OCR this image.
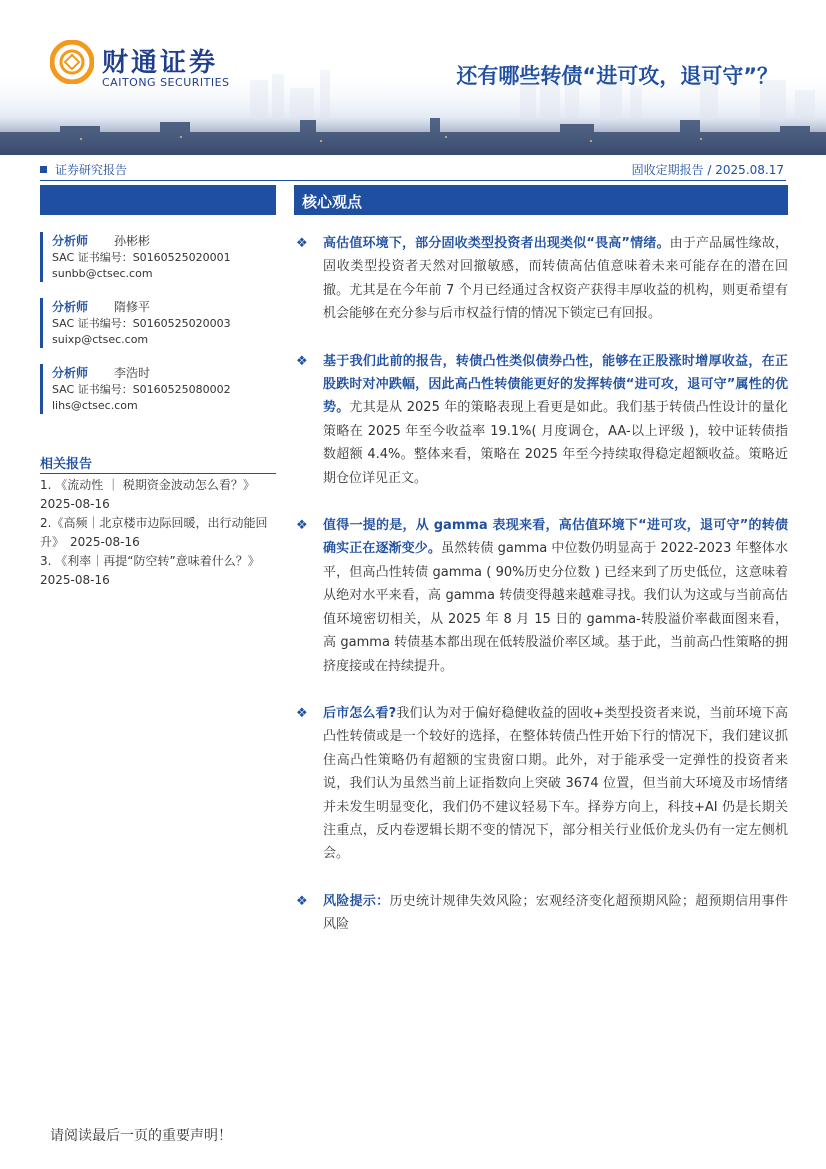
财通证券
CAITONG SECURITIES	还有哪些转债“进可攻，退可守”？
证券研究报告	固收定期报告 / 2025.08.17
核心观点
分析师 孙彬彬
SAC 证书编号：S0160525020001
sunbb@ctsec.com
分析师 隋修平
SAC 证书编号：S0160525020003
suixp@ctsec.com
分析师 李浩时
SAC 证书编号：S0160525080002
lihs@ctsec.com
相关报告
1. 《流动性 ｜ 税期资金波动怎么看？》
2025-08-16
2.《高频｜北京楼市边际回暖，出行动能回
升》　2025-08-16
3. 《利率｜再提“防空转”意味着什么？》
2025-08-16
❖ 高估值环境下，部分固收类型投资者出现类似“畏高”情绪。由于产品属性缘故，固收类型投资者天然对回撤敏感，而转债高估值意味着未来可能存在的潜在回撤。尤其是在今年前 7 个月已经通过含权资产获得丰厚收益的机构，则更希望有机会能够在充分参与后市权益行情的情况下锁定已有回报。
❖ 基于我们此前的报告，转债凸性类似债券凸性，能够在正股涨时增厚收益，在正股跌时对冲跌幅，因此高凸性转债能更好的发挥转债“进可攻，退可守”属性的优势。尤其是从 2025 年的策略表现上看更是如此。我们基于转债凸性设计的量化策略在 2025 年至今收益率 19.1%( 月度调仓，AA-以上评级 )，较中证转债指数超额 4.4%。整体来看，策略在 2025 年至今持续取得稳定超额收益。策略近期仓位详见正文。
❖ 值得一提的是，从 gamma 表现来看，高估值环境下“进可攻，退可守”的转债确实正在逐渐变少。虽然转债 gamma 中位数仍明显高于 2022-2023 年整体水平，但高凸性转债 gamma ( 90%历史分位数 ) 已经来到了历史低位，这意味着从绝对水平来看，高 gamma 转债变得越来越难寻找。我们认为这或与当前高估值环境密切相关，从 2025 年 8 月 15 日的 gamma-转股溢价率截面图来看，高 gamma 转债基本都出现在低转股溢价率区域。基于此，当前高凸性策略的拥挤度接或在持续提升。
❖ 后市怎么看?我们认为对于偏好稳健收益的固收+类型投资者来说，当前环境下高凸性转债或是一个较好的选择，在整体转债凸性开始下行的情况下，我们建议抓住高凸性策略仍有超额的宝贵窗口期。此外，对于能承受一定弹性的投资者来说，我们认为虽然当前上证指数向上突破 3674 位置，但当前大环境及市场情绪并未发生明显变化，我们仍不建议轻易下车。择券方向上，科技+AI 仍是长期关注重点，反内卷逻辑长期不变的情况下，部分相关行业低价龙头仍有一定左侧机会。
❖ 风险提示：历史统计规律失效风险；宏观经济变化超预期风险；超预期信用事件风险
请阅读最后一页的重要声明！
